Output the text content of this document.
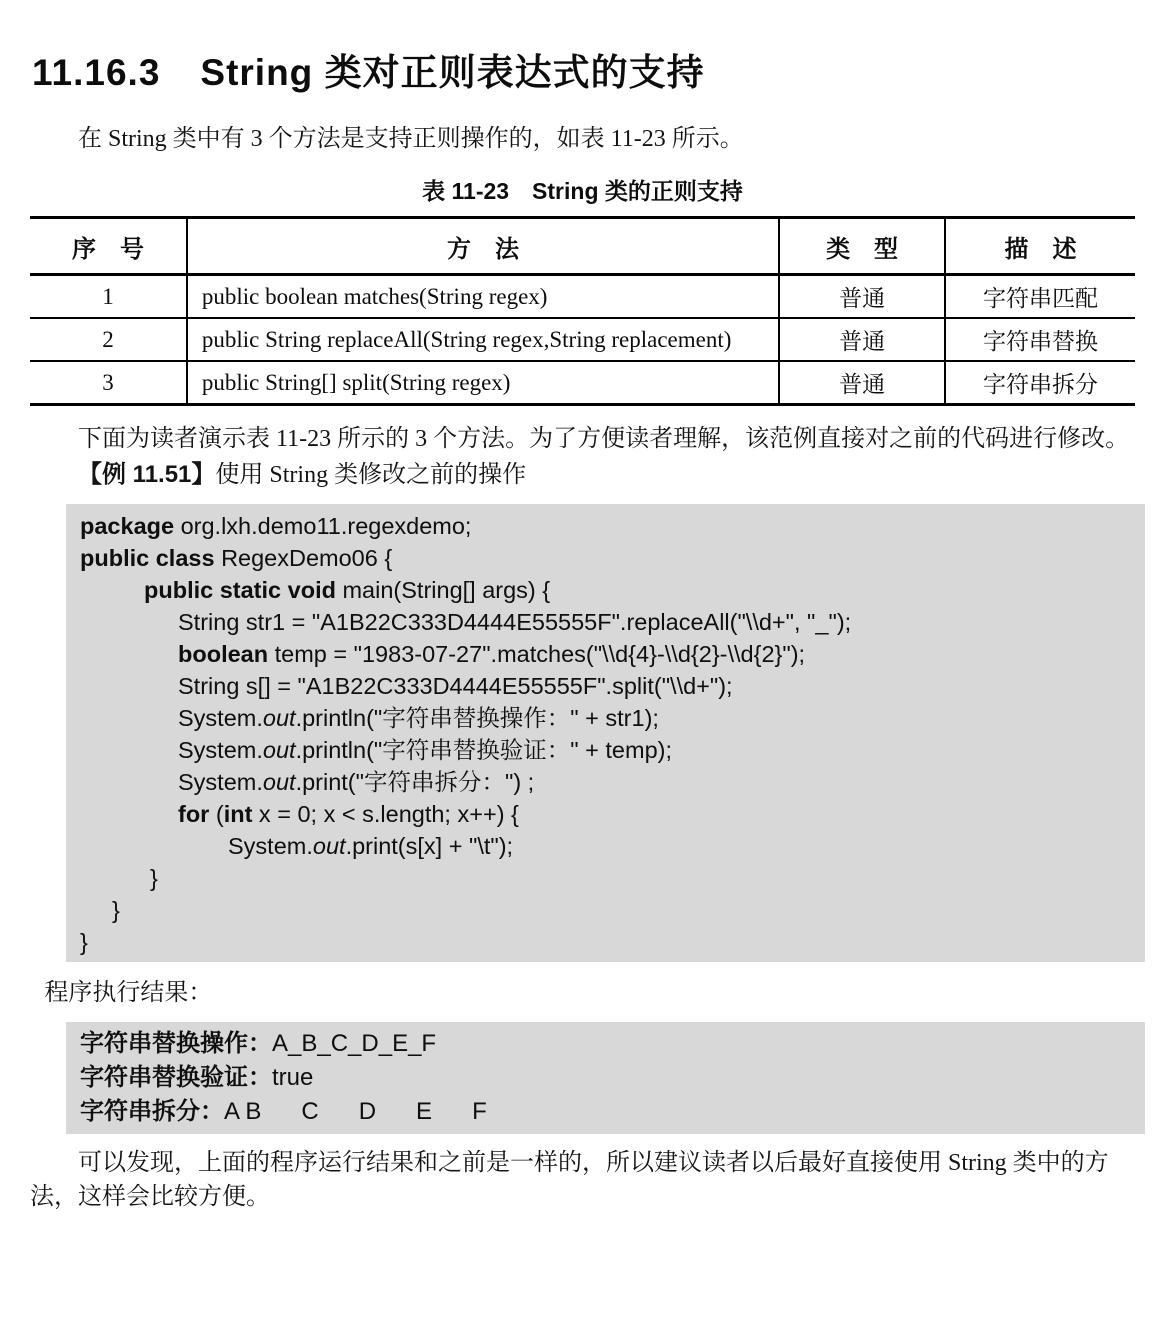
11.16.3 String 类对正则表达式的支持

在 String 类中有 3 个方法是支持正则操作的，如表 11-23 所示。

表 11-23　String 类的正则支持
序　号	方　法	类　型	描　述
1	public boolean matches(String regex)	普通	字符串匹配
2	public String replaceAll(String regex,String replacement)	普通	字符串替换
3	public String[] split(String regex)	普通	字符串拆分

下面为读者演示表 11-23 所示的 3 个方法。为了方便读者理解，该范例直接对之前的代码进行修改。

【例 11.51】使用 String 类修改之前的操作

package org.lxh.demo11.regexdemo;
public class RegexDemo06 {
public static void main(String[] args) {
String str1 = "A1B22C333D4444E55555F".replaceAll("\\d+", "_");
boolean temp = "1983-07-27".matches("\\d{4}-\\d{2}-\\d{2}");
String s[] = "A1B22C333D4444E55555F".split("\\d+");
System.out.println("字符串替换操作：" + str1);
System.out.println("字符串替换验证：" + temp);
System.out.print("字符串拆分：") ;
for (int x = 0; x < s.length; x++) {
System.out.print(s[x] + "\t");
}
}
}

程序执行结果：

字符串替换操作：A_B_C_D_E_F
字符串替换验证：true
字符串拆分：A B      C      D      E      F

可以发现，上面的程序运行结果和之前是一样的，所以建议读者以后最好直接使用 String 类中的方法，这样会比较方便。
